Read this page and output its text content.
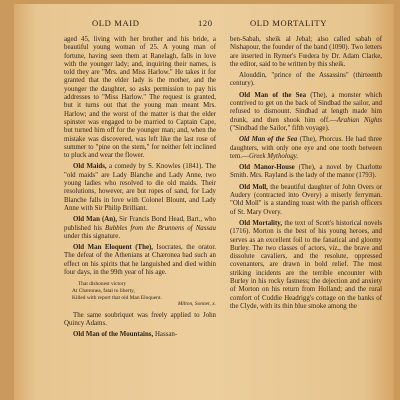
OLD MAID	120	OLD MORTALITY

aged 45, living with her brother and his bride, a beautiful young woman of 25. A young man of fortune, having seen them at Ranelagh, falls in love with the younger lady; and, inquiring their names, is told they are "Mrs. and Miss Harlow." He takes it for granted that the elder lady is the mother, and the younger the daughter, so asks permission to pay his addresses to "Miss Harlow." The request is granted, but it turns out that the young man meant Mrs. Harlow; and the worst of the matter is that the elder spinster was engaged to be married to Captain Cape, but turned him off for the younger man; and, when the mistake was discovered, was left like the last rose of summer to "pine on the stem," for neither felt inclined to pluck and wear the flower.

Old Maids, a comedy by S. Knowles (1841). The "old maids" are Lady Blanche and Lady Anne, two young ladies who resolved to die old maids. Their resolutions, however, are but ropes of sand, for Lady Blanche falls in love with Colonel Blount, and Lady Anne with Sir Philip Brilliant.

Old Man (An), Sir Francis Bond Head, Bart., who published his Bubbles from the Brunnens of Nassau under this signature.

Old Man Eloquent (The), Isocrates, the orator. The defeat of the Athenians at Chæronea had such an effect on his spirits that he languished and died within four days, in the 99th year of his age.

That dishonest victory
At Chæronea, fatal to liberty,
Killed with report that old Man Eloquent.
Milton, Sonnet, x.

The same soubriquet was freely applied to John Quincy Adams.

Old Man of the Mountains, Hassan-

ben-Sabah, sheik al Jebal; also called sabah of Nishapour, the founder of the band (1090). Two letters are inserted in Rymer's Fœdera by Dr. Adam Clarke, the editor, said to be written by this sheik.

Alouddin, "prince of the Assassins" (thirteenth century).

Old Man of the Sea (The), a monster which contrived to get on the back of Sindbad the sailor, and refused to dismount. Sindbad at length made him drunk, and then shook him off.—Arabian Nights ("Sindbad the Sailor," fifth voyage).

Old Man of the Sea (The), Phorcus. He had three daughters, with only one eye and one tooth between tem.—Greek Mythology.

Old Manor-House (The), a novel by Charlotte Smith. Mrs. Rayland is the lady of the manor (1793).

Old Moll, the beautiful daughter of John Overs or Audery (contracted into Overy) a miserly ferryman. "Old Moll" is a standing toast with the parish officers of St. Mary Overy.

Old Mortality, the text of Scott's historical novels (1716). Morton is the best of his young heroes, and serves as an excellent foil to the fanatical and gloomy Burley. The two classes of actors, viz., the brave and dissolute cavaliers, and the resolute, oppressed covenanters, are drawn in bold relief. The most striking incidents are the terrible encounter with Burley in his rocky fastness; the dejection and anxiety of Morton on his return from Holland; and the rural comfort of Cuddie Headrigg's cottage on the banks of the Clyde, with its thin blue smoke among the
